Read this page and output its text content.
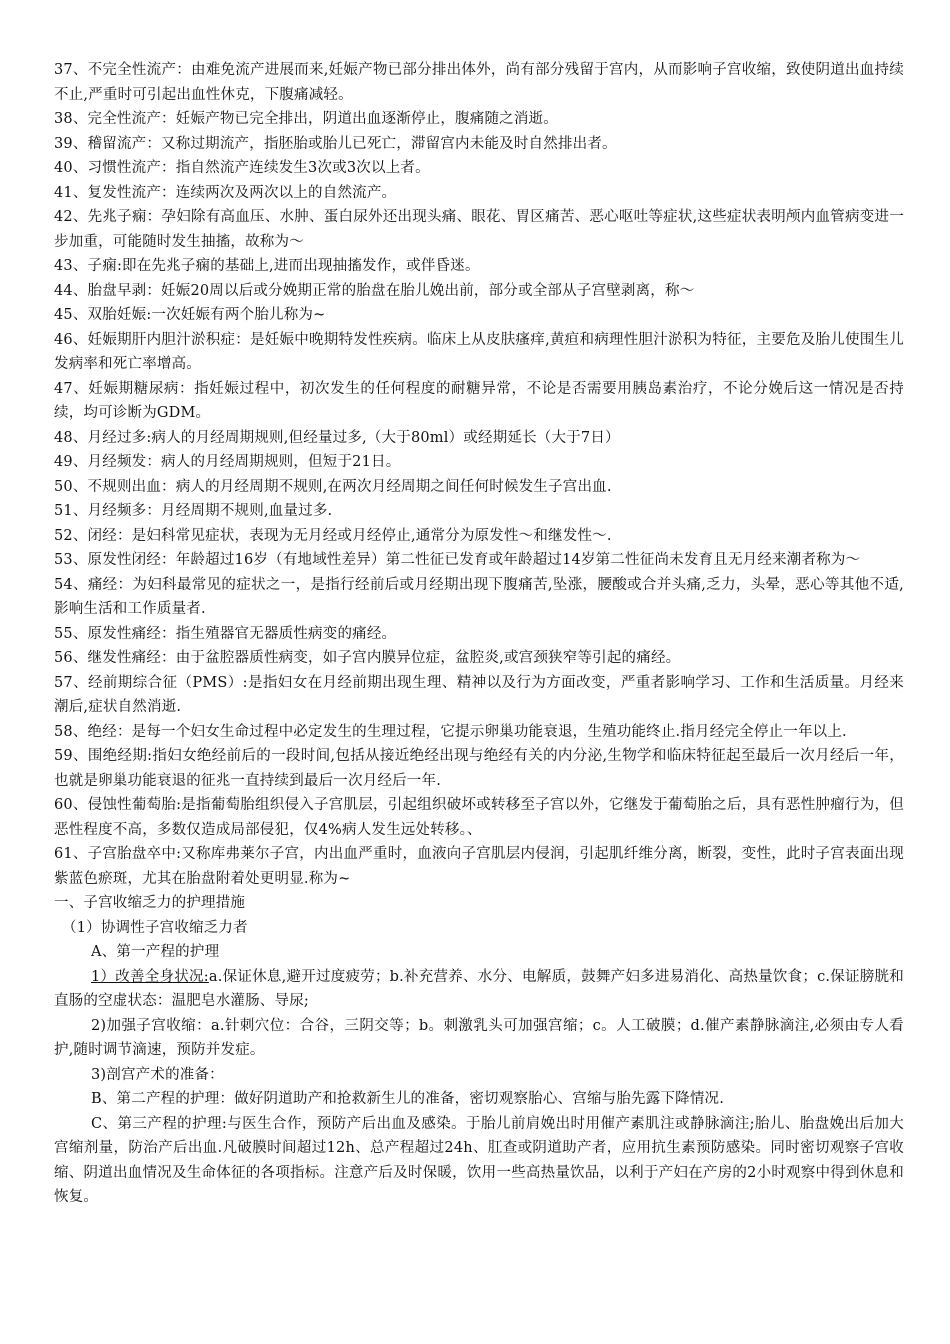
37、不完全性流产：由难免流产进展而来,妊娠产物已部分排出体外，尚有部分残留于宫内，从而影响子宫收缩，致使阴道出血持续不止,严重时可引起出血性休克，下腹痛减轻。

38、完全性流产：妊娠产物已完全排出，阴道出血逐渐停止，腹痛随之消逝。

39、稽留流产：又称过期流产，指胚胎或胎儿已死亡，滞留宫内未能及时自然排出者。

40、习惯性流产：指自然流产连续发生3次或3次以上者。

41、复发性流产：连续两次及两次以上的自然流产。

42、先兆子痫：孕妇除有高血压、水肿、蛋白尿外还出现头痛、眼花、胃区痛苦、恶心呕吐等症状,这些症状表明颅内血管病变进一步加重，可能随时发生抽搐，故称为～

43、子痫:即在先兆子痫的基础上,进而出现抽搐发作，或伴昏迷。

44、胎盘早剥：妊娠20周以后或分娩期正常的胎盘在胎儿娩出前，部分或全部从子宫壁剥离，称～

45、双胎妊娠:一次妊娠有两个胎儿称为~

46、妊娠期肝内胆汁淤积症：是妊娠中晚期特发性疾病。临床上从皮肤瘙痒,黄疸和病理性胆汁淤积为特征，主要危及胎儿使围生儿发病率和死亡率增高。

47、妊娠期糖尿病：指妊娠过程中，初次发生的任何程度的耐糖异常，不论是否需要用胰岛素治疗，不论分娩后这一情况是否持续，均可诊断为GDM。

48、月经过多:病人的月经周期规则,但经量过多,（大于80ml）或经期延长（大于7日）

49、月经频发：病人的月经周期规则，但短于21日。

50、不规则出血：病人的月经周期不规则,在两次月经周期之间任何时候发生子宫出血.

51、月经频多：月经周期不规则,血量过多.

52、闭经：是妇科常见症状，表现为无月经或月经停止,通常分为原发性～和继发性～.

53、原发性闭经：年龄超过16岁（有地域性差异）第二性征已发育或年龄超过14岁第二性征尚未发育且无月经来潮者称为～

54、痛经：为妇科最常见的症状之一，是指行经前后或月经期出现下腹痛苦,坠涨，腰酸或合并头痛,乏力，头晕，恶心等其他不适,影响生活和工作质量者.

55、原发性痛经：指生殖器官无器质性病变的痛经。

56、继发性痛经：由于盆腔器质性病变，如子宫内膜异位症，盆腔炎,或宫颈狭窄等引起的痛经。

57、经前期综合征（PMS）:是指妇女在月经前期出现生理、精神以及行为方面改变，严重者影响学习、工作和生活质量。月经来潮后,症状自然消逝.

58、绝经：是每一个妇女生命过程中必定发生的生理过程，它提示卵巢功能衰退，生殖功能终止.指月经完全停止一年以上.

59、围绝经期:指妇女绝经前后的一段时间,包括从接近绝经出现与绝经有关的内分泌,生物学和临床特征起至最后一次月经后一年，也就是卵巢功能衰退的征兆一直持续到最后一次月经后一年.

60、侵蚀性葡萄胎:是指葡萄胎组织侵入子宫肌层，引起组织破坏或转移至子宫以外，它继发于葡萄胎之后，具有恶性肿瘤行为，但恶性程度不高，多数仅造成局部侵犯，仅4%病人发生远处转移。、

61、子宫胎盘卒中:又称库弗莱尔子宫，内出血严重时，血液向子宫肌层内侵润，引起肌纤维分离，断裂，变性，此时子宫表面出现紫蓝色瘀斑，尤其在胎盘附着处更明显.称为~

一、子宫收缩乏力的护理措施

（1）协调性子宫收缩乏力者

A、第一产程的护理

1）改善全身状况:a.保证休息,避开过度疲劳；b.补充营养、水分、电解质，鼓舞产妇多进易消化、高热量饮食；c.保证膀胱和直肠的空虚状态：温肥皂水灌肠、导尿;

2)加强子宫收缩：a.针刺穴位：合谷，三阴交等；b。刺激乳头可加强宫缩；c。人工破膜；d.催产素静脉滴注,必须由专人看护,随时调节滴速，预防并发症。

3)剖宫产术的准备：

B、第二产程的护理：做好阴道助产和抢救新生儿的准备，密切观察胎心、宫缩与胎先露下降情况.

C、第三产程的护理:与医生合作，预防产后出血及感染。于胎儿前肩娩出时用催产素肌注或静脉滴注;胎儿、胎盘娩出后加大宫缩剂量，防治产后出血.凡破膜时间超过12h、总产程超过24h、肛查或阴道助产者，应用抗生素预防感染。同时密切观察子宫收缩、阴道出血情况及生命体征的各项指标。注意产后及时保暖，饮用一些高热量饮品，以利于产妇在产房的2小时观察中得到休息和恢复。
